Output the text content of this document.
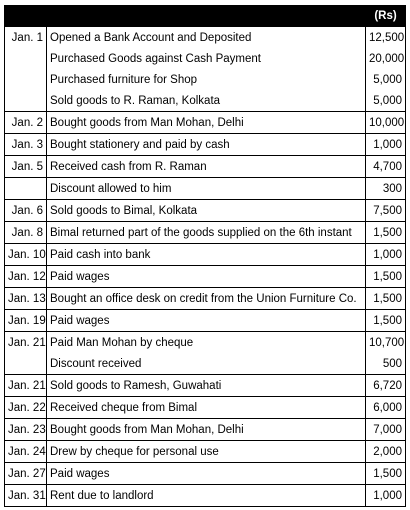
		(Rs)
Jan. 1	Opened a Bank Account and Deposited	12,500
	Purchased Goods against Cash Payment	20,000
	Purchased furniture for Shop	5,000
	Sold goods to R. Raman, Kolkata	5,000
Jan. 2	Bought goods from Man Mohan, Delhi	10,000
Jan. 3	Bought stationery and paid by cash	1,000
Jan. 5	Received cash from R. Raman	4,700
	Discount allowed to him	300
Jan. 6	Sold goods to Bimal, Kolkata	7,500
Jan. 8	Bimal returned part of the goods supplied on the 6th instant	1,500
Jan. 10	Paid cash into bank	1,000
Jan. 12	Paid wages	1,500
Jan. 13	Bought an office desk on credit from the Union Furniture Co.	1,500
Jan. 19	Paid wages	1,500
Jan. 21	Paid Man Mohan by cheque	10,700
	Discount received	500
Jan. 21	Sold goods to Ramesh, Guwahati	6,720
Jan. 22	Received cheque from Bimal	6,000
Jan. 23	Bought goods from Man Mohan, Delhi	7,000
Jan. 24	Drew by cheque for personal use	2,000
Jan. 27	Paid wages	1,500
Jan. 31	Rent due to landlord	1,000
